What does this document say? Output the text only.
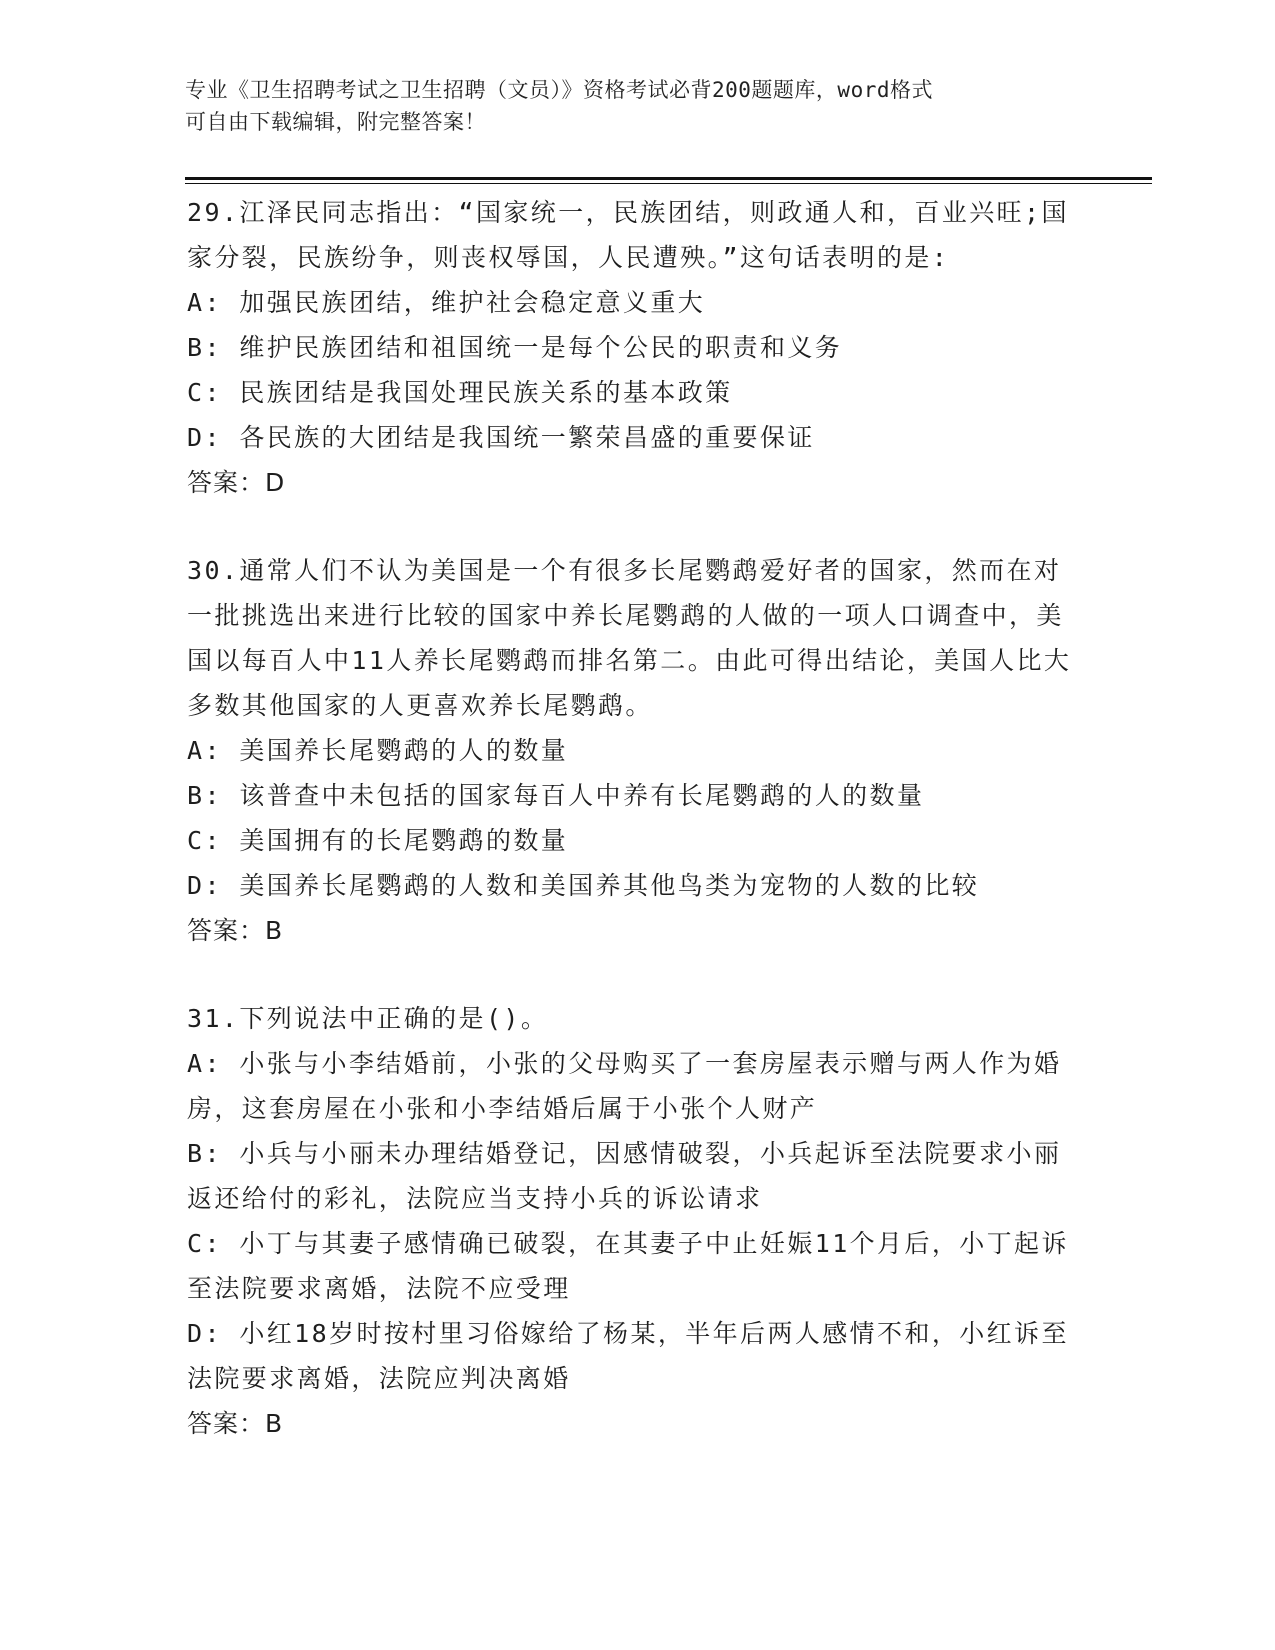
专业《卫生招聘考试之卫生招聘（文员）》资格考试必背200题题库，word格式
可自由下载编辑，附完整答案！
29.江泽民同志指出：“国家统一，民族团结，则政通人和，百业兴旺;国家分裂，民族纷争，则丧权辱国，人民遭殃。”这句话表明的是:
A: 加强民族团结，维护社会稳定意义重大
B: 维护民族团结和祖国统一是每个公民的职责和义务
C: 民族团结是我国处理民族关系的基本政策
D: 各民族的大团结是我国统一繁荣昌盛的重要保证
答案：D
30.通常人们不认为美国是一个有很多长尾鹦鹉爱好者的国家，然而在对一批挑选出来进行比较的国家中养长尾鹦鹉的人做的一项人口调查中，美国以每百人中11人养长尾鹦鹉而排名第二。由此可得出结论，美国人比大多数其他国家的人更喜欢养长尾鹦鹉。
A: 美国养长尾鹦鹉的人的数量
B: 该普查中未包括的国家每百人中养有长尾鹦鹉的人的数量
C: 美国拥有的长尾鹦鹉的数量
D: 美国养长尾鹦鹉的人数和美国养其他鸟类为宠物的人数的比较
答案：B
31.下列说法中正确的是()。
A: 小张与小李结婚前，小张的父母购买了一套房屋表示赠与两人作为婚房，这套房屋在小张和小李结婚后属于小张个人财产
B: 小兵与小丽未办理结婚登记，因感情破裂，小兵起诉至法院要求小丽返还给付的彩礼，法院应当支持小兵的诉讼请求
C: 小丁与其妻子感情确已破裂，在其妻子中止妊娠11个月后，小丁起诉至法院要求离婚，法院不应受理
D: 小红18岁时按村里习俗嫁给了杨某，半年后两人感情不和，小红诉至法院要求离婚，法院应判决离婚
答案：B
